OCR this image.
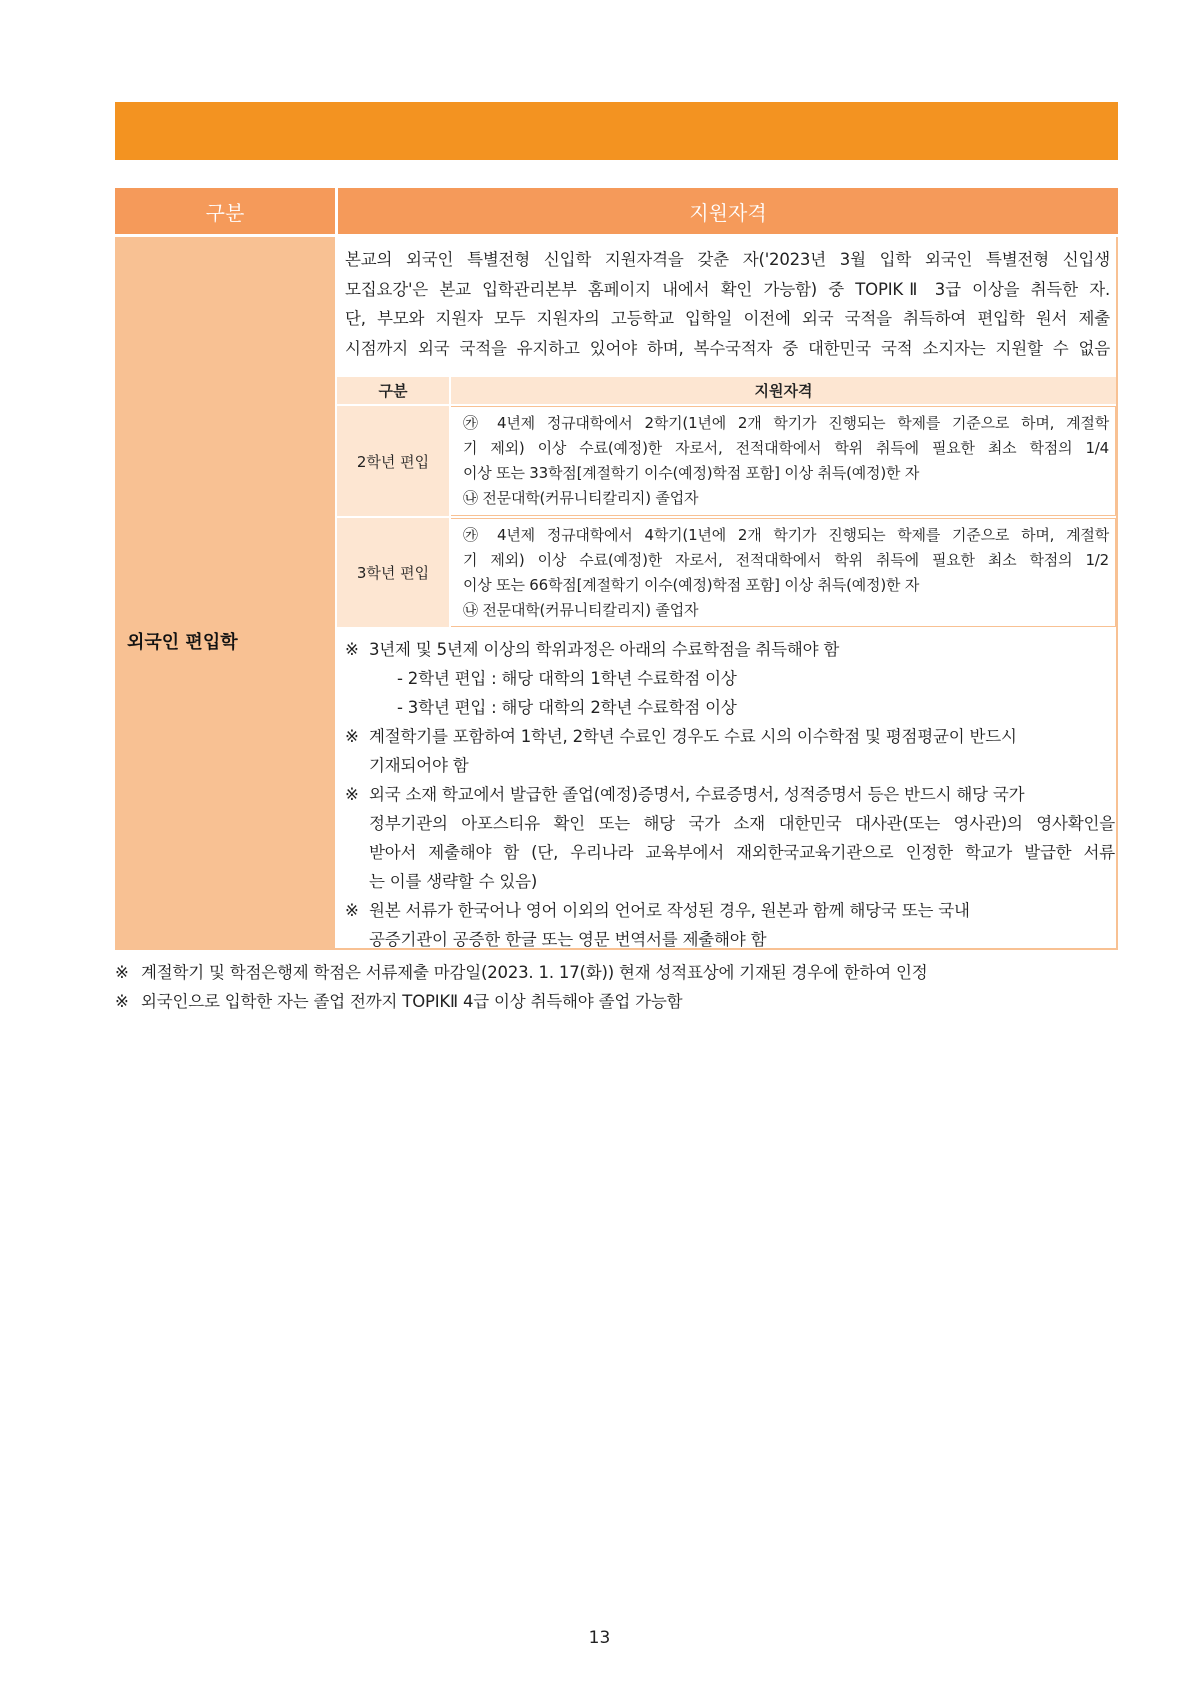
구분	지원자격
외국인 편입학
본교의 외국인 특별전형 신입학 지원자격을 갖춘 자('2023년 3월 입학 외국인 특별전형 신입생
모집요강'은 본교 입학관리본부 홈페이지 내에서 확인 가능함) 중 TOPIKⅡ 3급 이상을 취득한 자.
단, 부모와 지원자 모두 지원자의 고등학교 입학일 이전에 외국 국적을 취득하여 편입학 원서 제출
시점까지 외국 국적을 유지하고 있어야 하며, 복수국적자 중 대한민국 국적 소지자는 지원할 수 없음
구분	지원자격
2학년 편입
㉮ 4년제 정규대학에서 2학기(1년에 2개 학기가 진행되는 학제를 기준으로 하며, 계절학
기 제외) 이상 수료(예정)한 자로서, 전적대학에서 학위 취득에 필요한 최소 학점의 1/4
이상 또는 33학점[계절학기 이수(예정)학점 포함] 이상 취득(예정)한 자
㉯ 전문대학(커뮤니티칼리지) 졸업자
3학년 편입
㉮ 4년제 정규대학에서 4학기(1년에 2개 학기가 진행되는 학제를 기준으로 하며, 계절학
기 제외) 이상 수료(예정)한 자로서, 전적대학에서 학위 취득에 필요한 최소 학점의 1/2
이상 또는 66학점[계절학기 이수(예정)학점 포함] 이상 취득(예정)한 자
㉯ 전문대학(커뮤니티칼리지) 졸업자
※ 3년제 및 5년제 이상의 학위과정은 아래의 수료학점을 취득해야 함
- 2학년 편입 : 해당 대학의 1학년 수료학점 이상
- 3학년 편입 : 해당 대학의 2학년 수료학점 이상
※ 계절학기를 포함하여 1학년, 2학년 수료인 경우도 수료 시의 이수학점 및 평점평균이 반드시
기재되어야 함
※ 외국 소재 학교에서 발급한 졸업(예정)증명서, 수료증명서, 성적증명서 등은 반드시 해당 국가
정부기관의 아포스티유 확인 또는 해당 국가 소재 대한민국 대사관(또는 영사관)의 영사확인을
받아서 제출해야 함 (단, 우리나라 교육부에서 재외한국교육기관으로 인정한 학교가 발급한 서류
는 이를 생략할 수 있음)
※ 원본 서류가 한국어나 영어 이외의 언어로 작성된 경우, 원본과 함께 해당국 또는 국내
공증기관이 공증한 한글 또는 영문 번역서를 제출해야 함
※ 계절학기 및 학점은행제 학점은 서류제출 마감일(2023. 1. 17(화)) 현재 성적표상에 기재된 경우에 한하여 인정
※ 외국인으로 입학한 자는 졸업 전까지 TOPIKⅡ 4급 이상 취득해야 졸업 가능함
13
